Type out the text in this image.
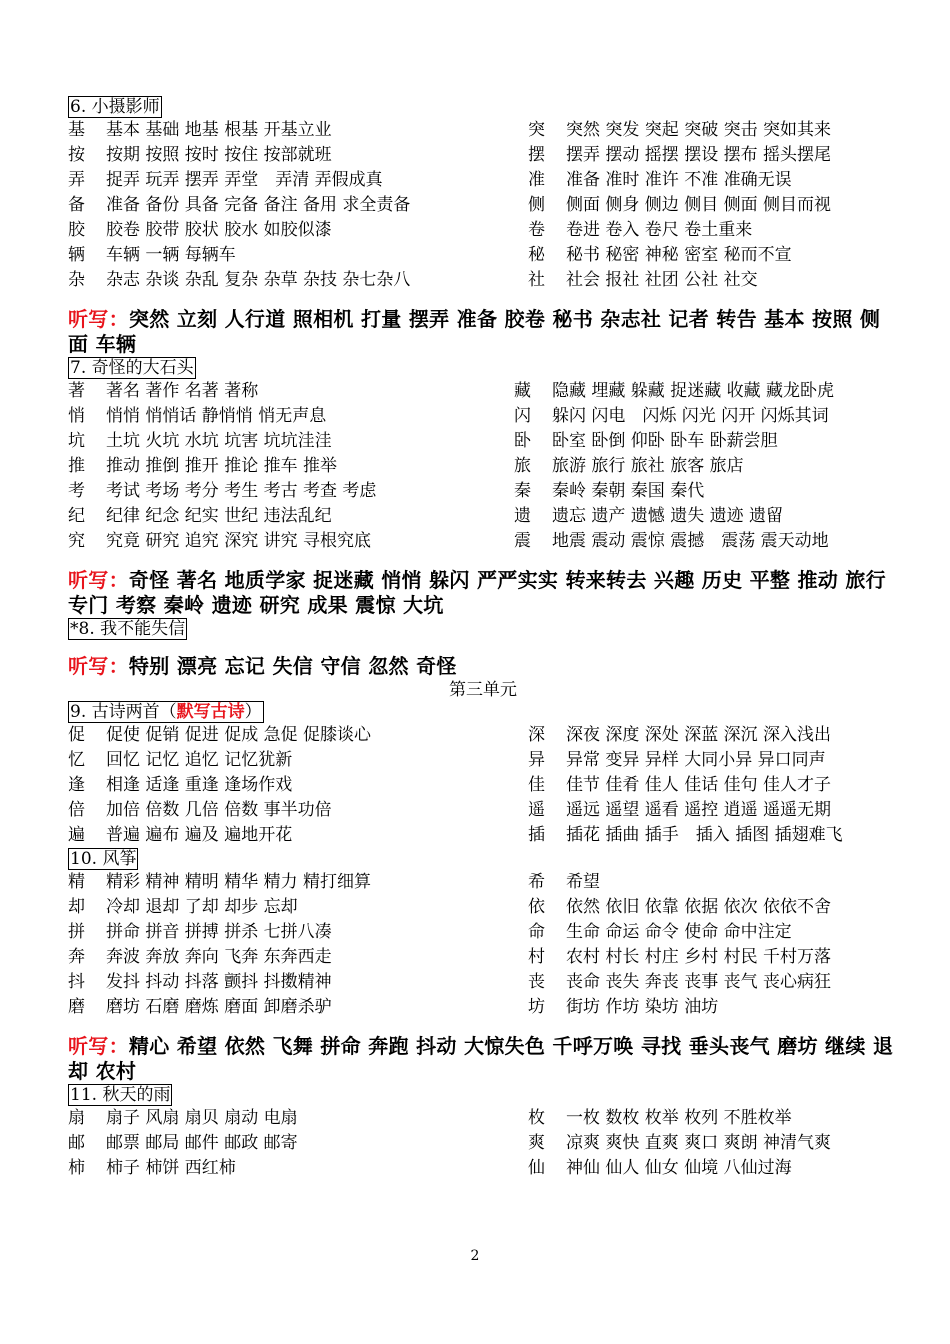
6. 小摄影师
基 基本 基础 地基 根基 开基立业
按 按期 按照 按时 按住 按部就班
弄 捉弄 玩弄 摆弄 弄堂　弄清 弄假成真
备 准备 备份 具备 完备 备注 备用 求全责备
胶 胶卷 胶带 胶状 胶水 如胶似漆
辆 车辆 一辆 每辆车
杂 杂志 杂谈 杂乱 复杂 杂草 杂技 杂七杂八
突 突然 突发 突起 突破 突击 突如其来
摆 摆弄 摆动 摇摆 摆设 摆布 摇头摆尾
准 准备 准时 准许 不准 准确无误
侧 侧面 侧身 侧边 侧目 侧面 侧目而视
卷 卷进 卷入 卷尺 卷土重来
秘 秘书 秘密 神秘 密室 秘而不宣
社 社会 报社 社团 公社 社交
听写：突然 立刻 人行道 照相机 打量 摆弄 准备 胶卷 秘书 杂志社 记者 转告 基本 按照 侧面 车辆
7. 奇怪的大石头
著 著名 著作 名著 著称
悄 悄悄 悄悄话 静悄悄 悄无声息
坑 土坑 火坑 水坑 坑害 坑坑洼洼
推 推动 推倒 推开 推论 推车 推举
考 考试 考场 考分 考生 考古 考查 考虑
纪 纪律 纪念 纪实 世纪 违法乱纪
究 究竟 研究 追究 深究 讲究 寻根究底
藏 隐藏 埋藏 躲藏 捉迷藏 收藏 藏龙卧虎
闪 躲闪 闪电　闪烁 闪光 闪开 闪烁其词
卧 卧室 卧倒 仰卧 卧车 卧薪尝胆
旅 旅游 旅行 旅社 旅客 旅店
秦 秦岭 秦朝 秦国 秦代
遗 遗忘 遗产 遗憾 遗失 遗迹 遗留
震 地震 震动 震惊 震撼　震荡 震天动地
听写：奇怪 著名 地质学家 捉迷藏 悄悄 躲闪 严严实实 转来转去 兴趣 历史 平整 推动 旅行 专门 考察 秦岭 遗迹 研究 成果 震惊 大坑
*8. 我不能失信
听写：特别 漂亮 忘记 失信 守信 忽然 奇怪
第三单元
9. 古诗两首（默写古诗）
促 促使 促销 促进 促成 急促 促膝谈心
忆 回忆 记忆 追忆 记忆犹新
逢 相逢 适逢 重逢 逢场作戏
倍 加倍 倍数 几倍 倍数 事半功倍
遍 普遍 遍布 遍及 遍地开花
深 深夜 深度 深处 深蓝 深沉 深入浅出
异 异常 变异 异样 大同小异 异口同声
佳 佳节 佳肴 佳人 佳话 佳句 佳人才子
遥 遥远 遥望 遥看 遥控 逍遥 遥遥无期
插 插花 插曲 插手　插入 插图 插翅难飞
10. 风筝
精 精彩 精神 精明 精华 精力 精打细算
却 冷却 退却 了却 却步 忘却
拼 拼命 拼音 拼搏 拼杀 七拼八凑
奔 奔波 奔放 奔向 飞奔 东奔西走
抖 发抖 抖动 抖落 颤抖 抖擞精神
磨 磨坊 石磨 磨炼 磨面 卸磨杀驴
希 希望
依 依然 依旧 依靠 依据 依次 依依不舍
命 生命 命运 命令 使命 命中注定
村 农村 村长 村庄 乡村 村民 千村万落
丧 丧命 丧失 奔丧 丧事 丧气 丧心病狂
坊 街坊 作坊 染坊 油坊
听写：精心 希望 依然 飞舞 拼命 奔跑 抖动 大惊失色 千呼万唤 寻找 垂头丧气 磨坊 继续 退却 农村
11. 秋天的雨
扇 扇子 风扇 扇贝 扇动 电扇
邮 邮票 邮局 邮件 邮政 邮寄
柿 柿子 柿饼 西红柿
枚 一枚 数枚 枚举 枚列 不胜枚举
爽 凉爽 爽快 直爽 爽口 爽朗 神清气爽
仙 神仙 仙人 仙女 仙境 八仙过海
2
